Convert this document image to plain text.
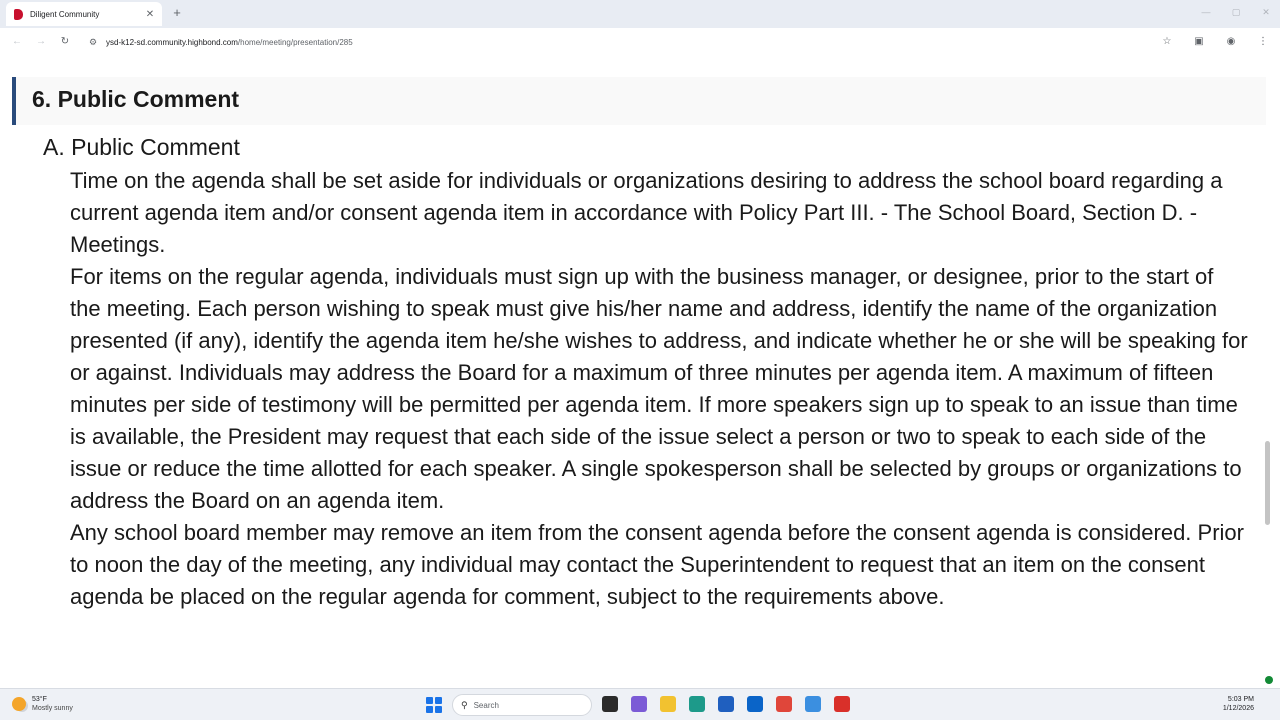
Diligent Community	✕ +	— ▢ ✕
← → ↻	⚙	ysd-k12-sd.community.highbond.com/home/meeting/presentation/285	☆ ▣ ◉ ⋮
6. Public Comment
A. Public Comment

Time on the agenda shall be set aside for individuals or organizations desiring to address the school board regarding a current agenda item and/or consent agenda item in accordance with Policy Part III. - The School Board, Section D. - Meetings.

For items on the regular agenda, individuals must sign up with the business manager, or designee, prior to the start of the meeting. Each person wishing to speak must give his/her name and address, identify the name of the organization presented (if any), identify the agenda item he/she wishes to address, and indicate whether he or she will be speaking for or against. Individuals may address the Board for a maximum of three minutes per agenda item. A maximum of fifteen minutes per side of testimony will be permitted per agenda item. If more speakers sign up to speak to an issue than time is available, the President may request that each side of the issue select a person or two to speak to each side of the issue or reduce the time allotted for each speaker. A single spokesperson shall be selected by groups or organizations to address the Board on an agenda item.

Any school board member may remove an item from the consent agenda before the consent agenda is considered. Prior to noon the day of the meeting, any individual may contact the Superintendent to request that an item on the consent agenda be placed on the regular agenda for comment, subject to the requirements above.

53°F
Mostly sunny	⚲ Search
5:03 PM
1/12/2026
